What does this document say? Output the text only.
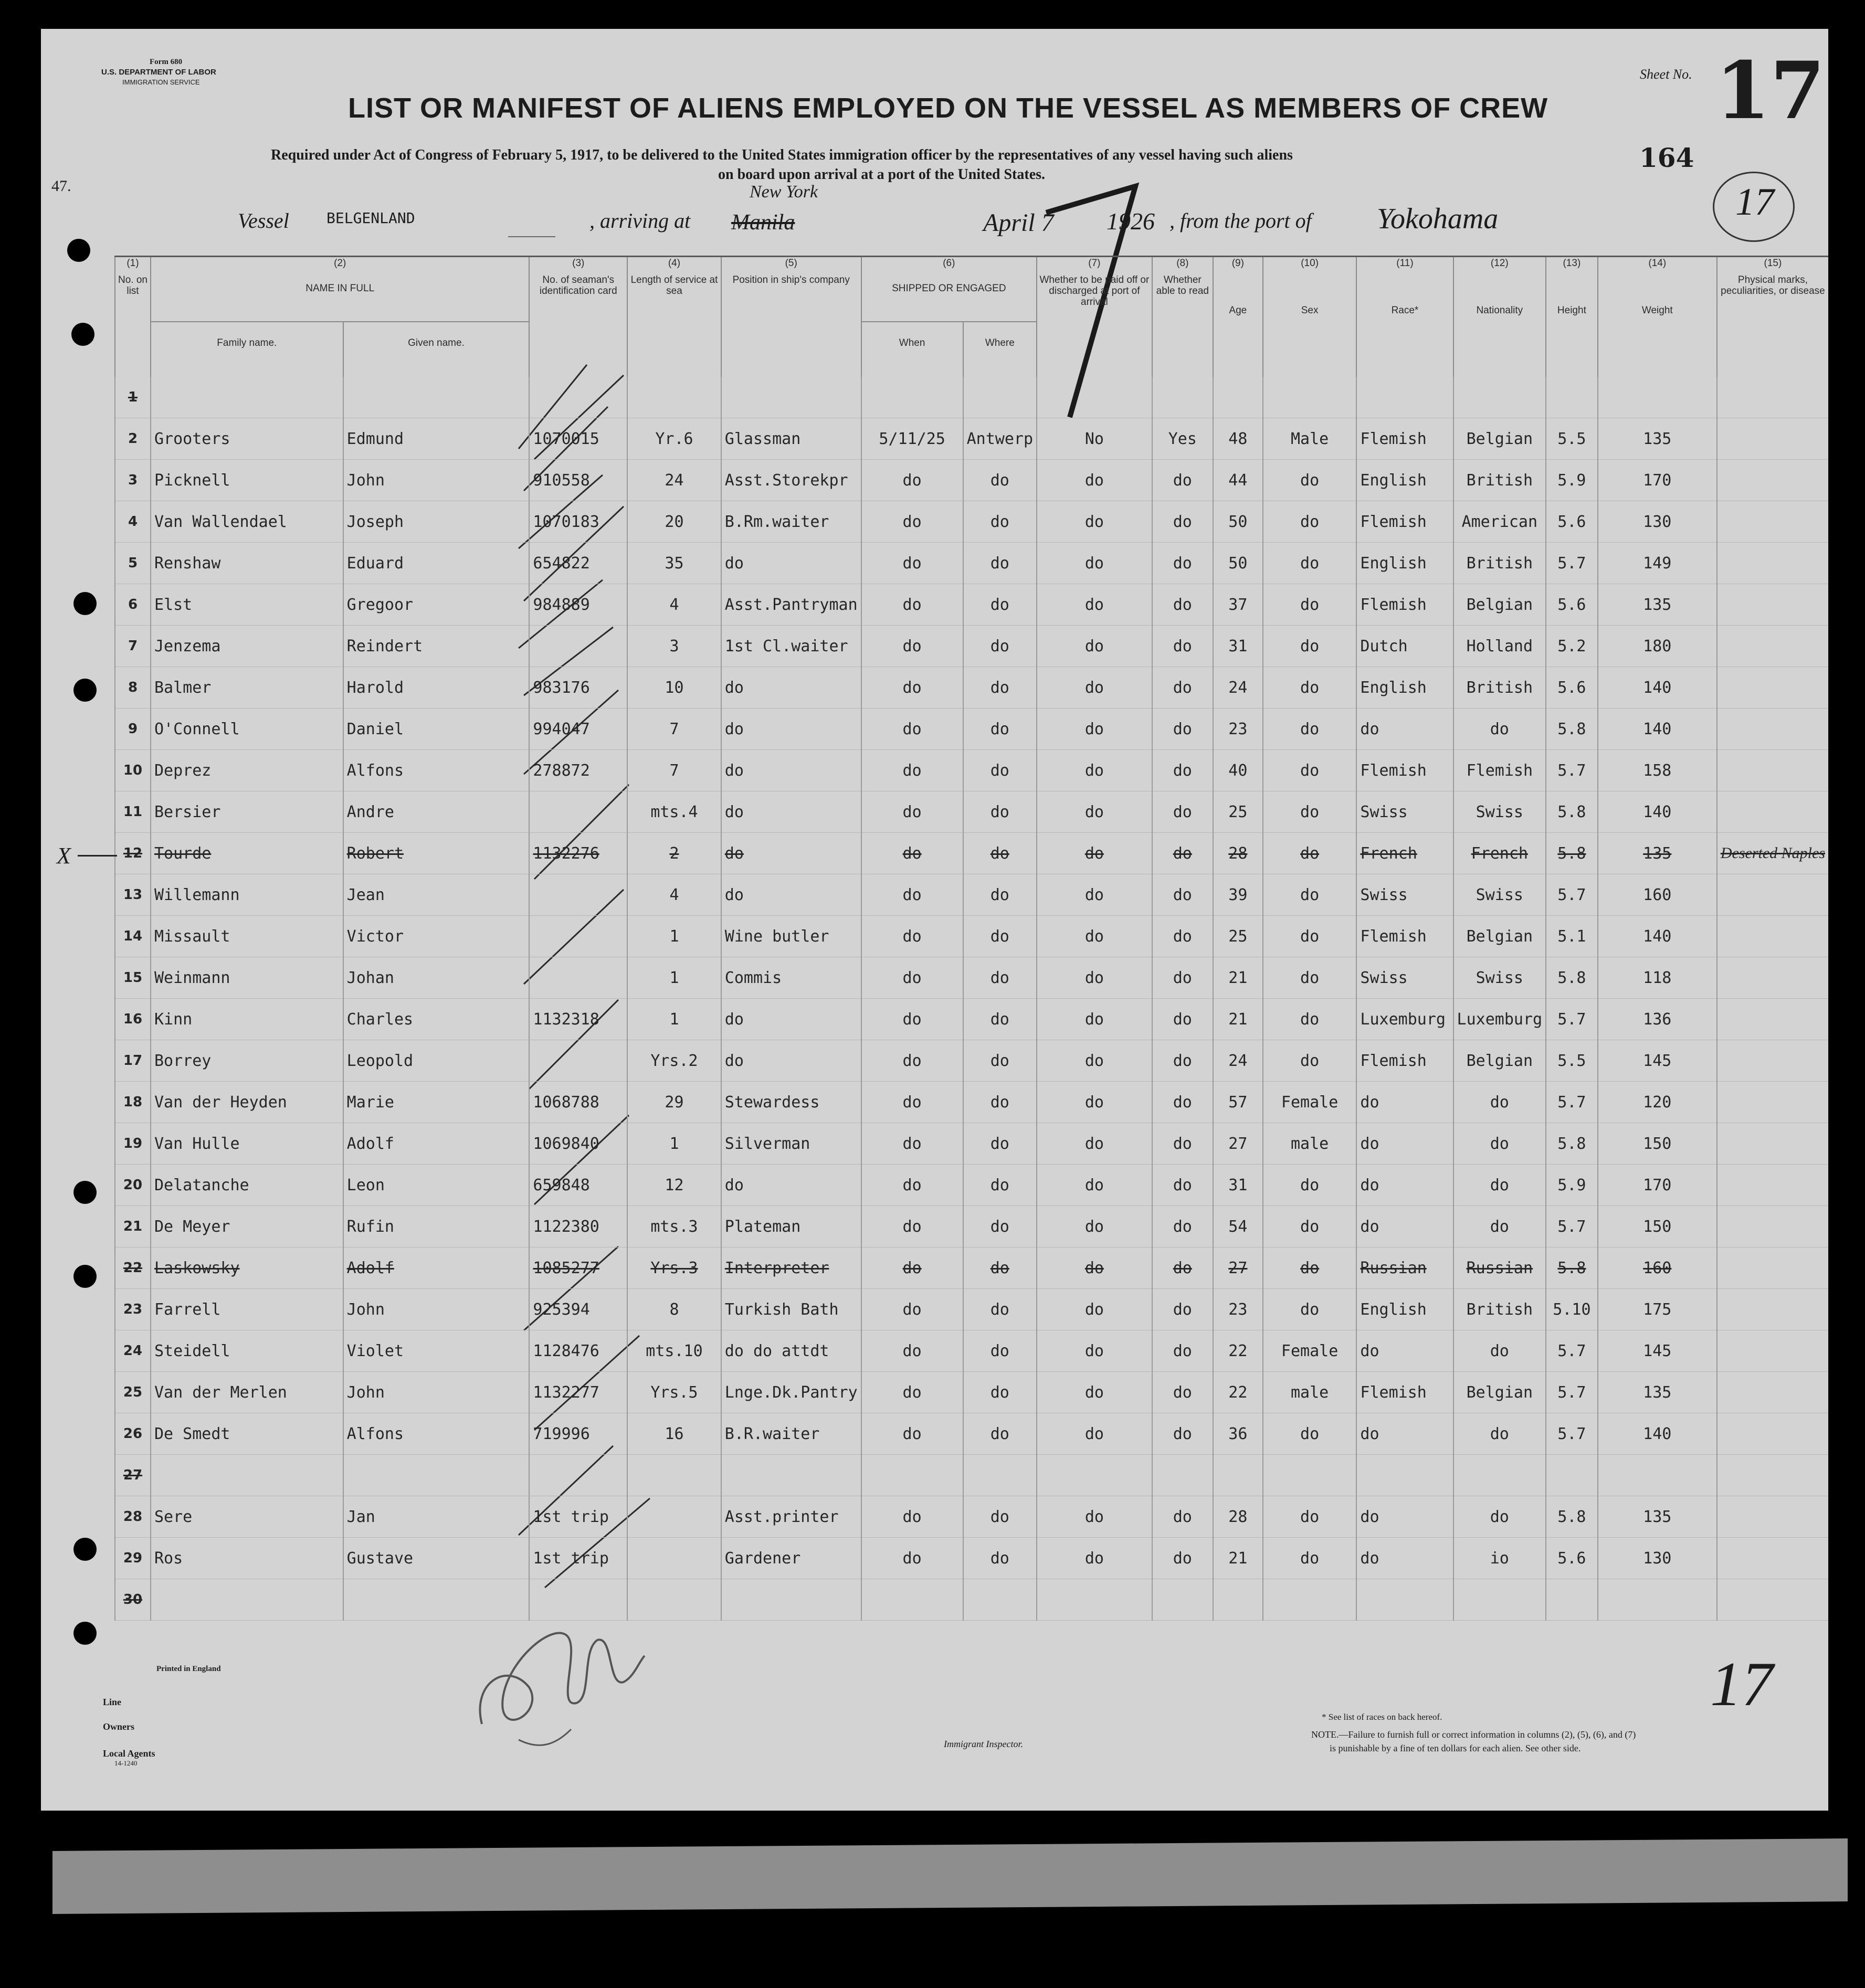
Form 680
U.S. DEPARTMENT OF LABOR
IMMIGRATION SERVICE
LIST OR MANIFEST OF ALIENS EMPLOYED ON THE VESSEL AS MEMBERS OF CREW
Required under Act of Congress of February 5, 1917, to be delivered to the United States immigration officer by the representatives of any vessel having such aliens
on board upon arrival at a port of the United States.
Sheet No. 17
164
17
47.
Vessel	BELGENLAND	, arriving at Manila
New York
April 7 1926 , from the port of Yokohama
(1)	(2)		(3)	(4)	(5)	(6)		(7)	(8)	(9)	(10)	(11)	(12)	(13)	(14)	(15)
No. on list	NAME IN FULL		No. of seaman's identification card	Length of service at sea	Position in ship's company	SHIPPED OR ENGAGED		Whether to be paid off or discharged at port of arrival	Whether able to read	Age	Sex	Race*	Nationality	Height	Weight	Physical marks, peculiarities, or disease
	Family name.	Given name.				When	Where									
1																
2	Grooters	Edmund	1070015	Yr.6	Glassman	5/11/25	Antwerp	No	Yes	48	Male	Flemish	Belgian	5.5	135	
3	Picknell	John	910558	24	Asst.Storekpr	do	do	do	do	44	do	English	British	5.9	170	
4	Van Wallendael	Joseph	1070183	20	B.Rm.waiter	do	do	do	do	50	do	Flemish	American	5.6	130	
5	Renshaw	Eduard	654822	35	do	do	do	do	do	50	do	English	British	5.7	149	
6	Elst	Gregoor	984889	4	Asst.Pantryman	do	do	do	do	37	do	Flemish	Belgian	5.6	135	
7	Jenzema	Reindert		3	1st Cl.waiter	do	do	do	do	31	do	Dutch	Holland	5.2	180	
8	Balmer	Harold	983176	10	do	do	do	do	do	24	do	English	British	5.6	140	
9	O'Connell	Daniel	994047	7	do	do	do	do	do	23	do	do	do	5.8	140	
10	Deprez	Alfons	278872	7	do	do	do	do	do	40	do	Flemish	Flemish	5.7	158	
11	Bersier	Andre		mts.4	do	do	do	do	do	25	do	Swiss	Swiss	5.8	140	
12	Tourde	Robert	1132276	2	do	do	do	do	do	28	do	French	French	5.8	135	Deserted Naples
13	Willemann	Jean		4	do	do	do	do	do	39	do	Swiss	Swiss	5.7	160	
14	Missault	Victor		1	Wine butler	do	do	do	do	25	do	Flemish	Belgian	5.1	140	
15	Weinmann	Johan		1	Commis	do	do	do	do	21	do	Swiss	Swiss	5.8	118	
16	Kinn	Charles	1132318	1	do	do	do	do	do	21	do	Luxemburg	Luxemburg	5.7	136	
17	Borrey	Leopold		Yrs.2	do	do	do	do	do	24	do	Flemish	Belgian	5.5	145	
18	Van der Heyden	Marie	1068788	29	Stewardess	do	do	do	do	57	Female	do	do	5.7	120	
19	Van Hulle	Adolf	1069840	1	Silverman	do	do	do	do	27	male	do	do	5.8	150	
20	Delatanche	Leon	659848	12	do	do	do	do	do	31	do	do	do	5.9	170	
21	De Meyer	Rufin	1122380	mts.3	Plateman	do	do	do	do	54	do	do	do	5.7	150	
22	Laskowsky	Adolf	1085277	Yrs.3	Interpreter	do	do	do	do	27	do	Russian	Russian	5.8	160	
23	Farrell	John	925394	8	Turkish Bath	do	do	do	do	23	do	English	British	5.10	175	
24	Steidell	Violet	1128476	mts.10	do do attdt	do	do	do	do	22	Female	do	do	5.7	145	
25	Van der Merlen	John	1132277	Yrs.5	Lnge.Dk.Pantry	do	do	do	do	22	male	Flemish	Belgian	5.7	135	
26	De Smedt	Alfons	719996	16	B.R.waiter	do	do	do	do	36	do	do	do	5.7	140	
27																
28	Sere	Jan	1st trip		Asst.printer	do	do	do	do	28	do	do	do	5.8	135	
29	Ros	Gustave	1st trip		Gardener	do	do	do	do	21	do	do	io	5.6	130	
30																
X
Printed in England
Line
Owners
Local Agents
14-1240
Immigrant Inspector.
* See list of races on back hereof.
NOTE.—Failure to furnish full or correct information in columns (2), (5), (6), and (7)
is punishable by a fine of ten dollars for each alien. See other side.
17
